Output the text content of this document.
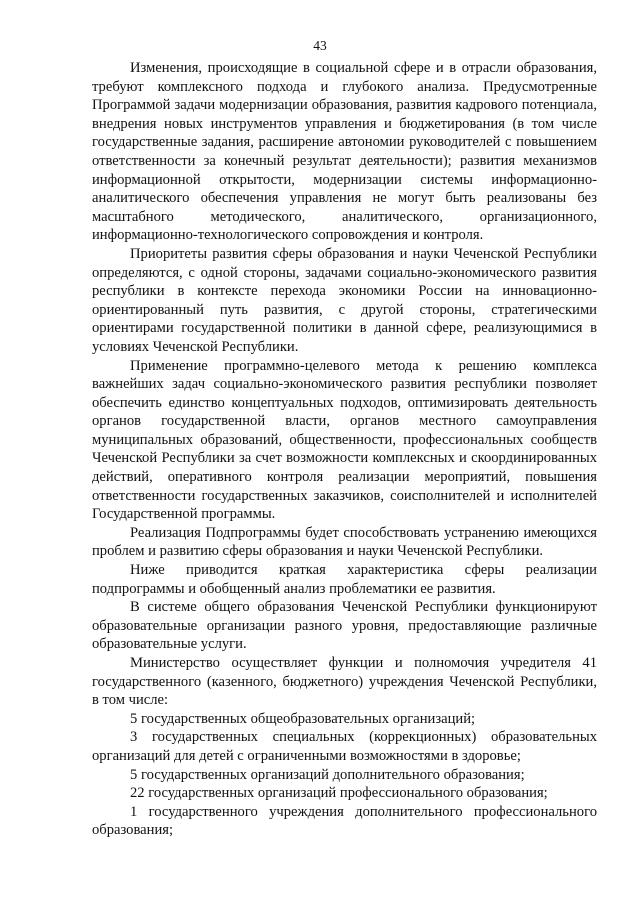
43

Изменения, происходящие в социальной сфере и в отрасли образования, требуют комплексного подхода и глубокого анализа. Предусмотренные Программой задачи модернизации образования, развития кадрового потенциала, внедрения новых инструментов управления и бюджетирования (в том числе государственные задания, расширение автономии руководителей с повышением ответственности за конечный результат деятельности); развития механизмов информационной открытости, модернизации системы информационно-аналитического обеспечения управления не могут быть реализованы без масштабного методического, аналитического, организационного, информационно-технологического сопровождения и контроля.

Приоритеты развития сферы образования и науки Чеченской Республики определяются, с одной стороны, задачами социально-экономического развития республики в контексте перехода экономики России на инновационно-ориентированный путь развития, с другой стороны, стратегическими ориентирами государственной политики в данной сфере, реализующимися в условиях Чеченской Республики.

Применение программно-целевого метода к решению комплекса важнейших задач социально-экономического развития республики позволяет обеспечить единство концептуальных подходов, оптимизировать деятельность органов государственной власти, органов местного самоуправления муниципальных образований, общественности, профессиональных сообществ Чеченской Республики за счет возможности комплексных и скоординированных действий, оперативного контроля реализации мероприятий, повышения ответственности государственных заказчиков, соисполнителей и исполнителей Государственной программы.

Реализация Подпрограммы будет способствовать устранению имеющихся проблем и развитию сферы образования и науки Чеченской Республики.

Ниже приводится краткая характеристика сферы реализации подпрограммы и обобщенный анализ проблематики ее развития.

В системе общего образования Чеченской Республики функционируют образовательные организации разного уровня, предоставляющие различные образовательные услуги.

Министерство осуществляет функции и полномочия учредителя 41 государственного (казенного, бюджетного) учреждения Чеченской Республики, в том числе:

5 государственных общеобразовательных организаций;

3 государственных специальных (коррекционных) образовательных организаций для детей с ограниченными возможностями в здоровье;

5 государственных организаций дополнительного образования;

22 государственных организаций профессионального образования;

1 государственного учреждения дополнительного профессионального образования;
